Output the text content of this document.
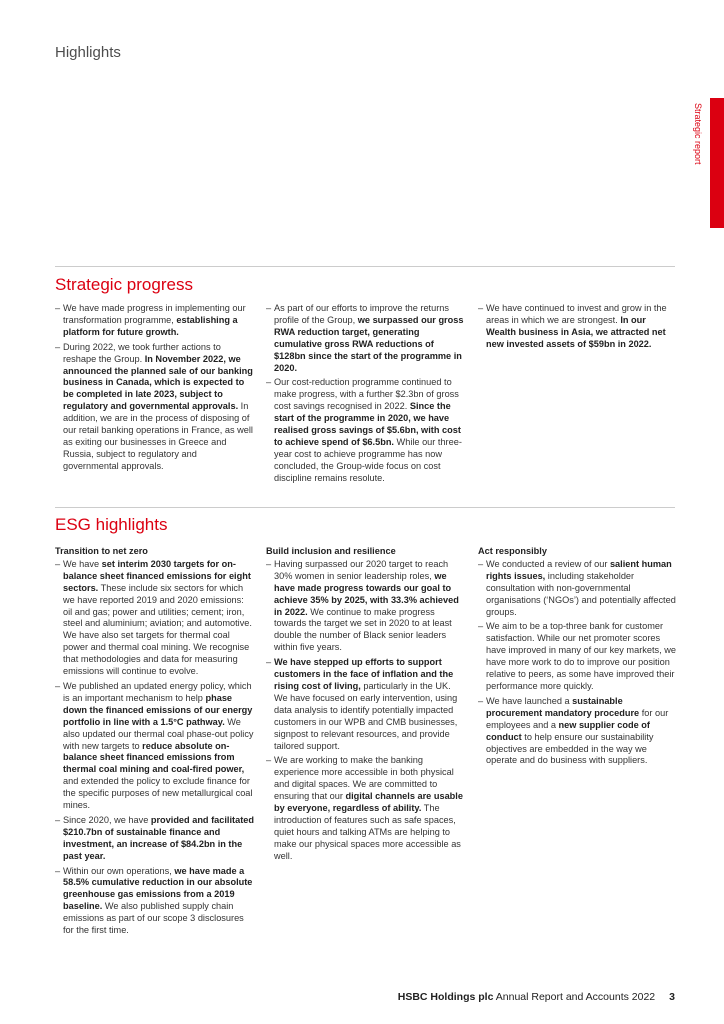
Highlights
Strategic report
Strategic progress
– We have made progress in implementing our transformation programme, establishing a platform for future growth.
– During 2022, we took further actions to reshape the Group. In November 2022, we announced the planned sale of our banking business in Canada, which is expected to be completed in late 2023, subject to regulatory and governmental approvals. In addition, we are in the process of disposing of our retail banking operations in France, as well as exiting our businesses in Greece and Russia, subject to regulatory and governmental approvals.
– As part of our efforts to improve the returns profile of the Group, we surpassed our gross RWA reduction target, generating cumulative gross RWA reductions of $128bn since the start of the programme in 2020.
– Our cost-reduction programme continued to make progress, with a further $2.3bn of gross cost savings recognised in 2022. Since the start of the programme in 2020, we have realised gross savings of $5.6bn, with cost to achieve spend of $6.5bn. While our three-year cost to achieve programme has now concluded, the Group-wide focus on cost discipline remains resolute.
– We have continued to invest and grow in the areas in which we are strongest. In our Wealth business in Asia, we attracted net new invested assets of $59bn in 2022.
ESG highlights
Transition to net zero
– We have set interim 2030 targets for on-balance sheet financed emissions for eight sectors. These include six sectors for which we have reported 2019 and 2020 emissions: oil and gas; power and utilities; cement; iron, steel and aluminium; aviation; and automotive. We have also set targets for thermal coal power and thermal coal mining. We recognise that methodologies and data for measuring emissions will continue to evolve.
– We published an updated energy policy, which is an important mechanism to help phase down the financed emissions of our energy portfolio in line with a 1.5°C pathway. We also updated our thermal coal phase-out policy with new targets to reduce absolute on-balance sheet financed emissions from thermal coal mining and coal-fired power, and extended the policy to exclude finance for the specific purposes of new metallurgical coal mines.
– Since 2020, we have provided and facilitated $210.7bn of sustainable finance and investment, an increase of $84.2bn in the past year.
– Within our own operations, we have made a 58.5% cumulative reduction in our absolute greenhouse gas emissions from a 2019 baseline. We also published supply chain emissions as part of our scope 3 disclosures for the first time.
Build inclusion and resilience
– Having surpassed our 2020 target to reach 30% women in senior leadership roles, we have made progress towards our goal to achieve 35% by 2025, with 33.3% achieved in 2022. We continue to make progress towards the target we set in 2020 to at least double the number of Black senior leaders within five years.
– We have stepped up efforts to support customers in the face of inflation and the rising cost of living, particularly in the UK. We have focused on early intervention, using data analysis to identify potentially impacted customers in our WPB and CMB businesses, signpost to relevant resources, and provide tailored support.
– We are working to make the banking experience more accessible in both physical and digital spaces. We are committed to ensuring that our digital channels are usable by everyone, regardless of ability. The introduction of features such as safe spaces, quiet hours and talking ATMs are helping to make our physical spaces more accessible as well.
Act responsibly
– We conducted a review of our salient human rights issues, including stakeholder consultation with non-governmental organisations (‘NGOs’) and potentially affected groups.
– We aim to be a top-three bank for customer satisfaction. While our net promoter scores have improved in many of our key markets, we have more work to do to improve our position relative to peers, as some have improved their performance more quickly.
– We have launched a sustainable procurement mandatory procedure for our employees and a new supplier code of conduct to help ensure our sustainability objectives are embedded in the way we operate and do business with suppliers.
HSBC Holdings plc Annual Report and Accounts 2022 3
